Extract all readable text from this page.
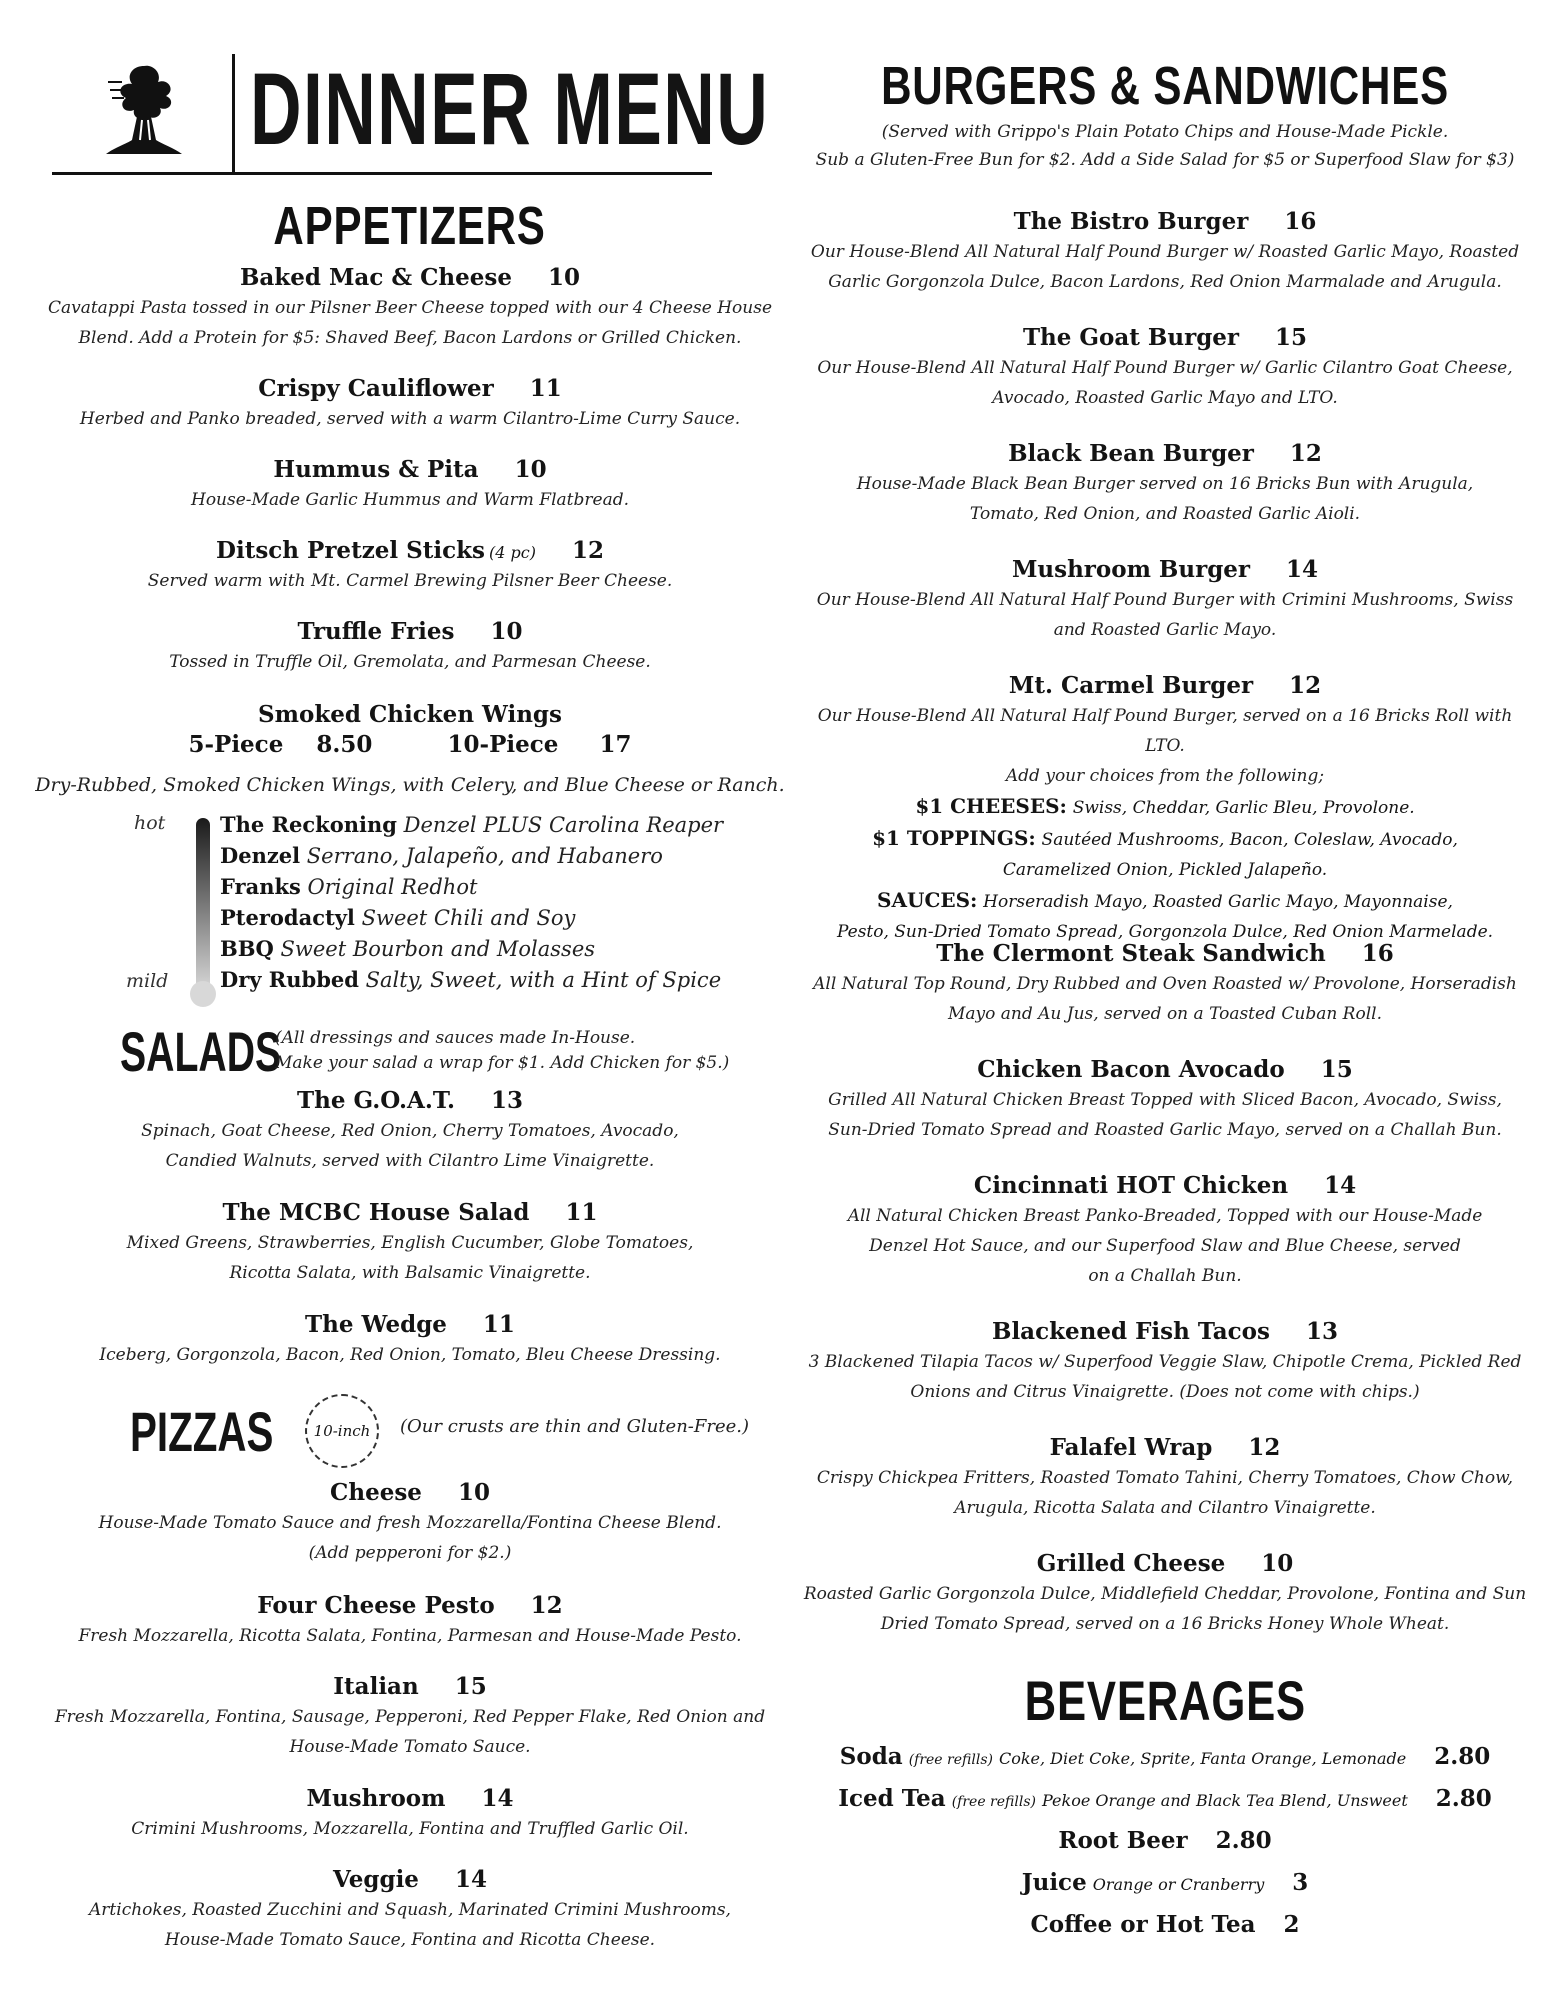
DINNER MENU
APPETIZERS
Baked Mac & Cheese 10
Cavatappi Pasta tossed in our Pilsner Beer Cheese topped with our 4 Cheese House
Blend. Add a Protein for $5: Shaved Beef, Bacon Lardons or Grilled Chicken.
Crispy Cauliflower 11
Herbed and Panko breaded, served with a warm Cilantro-Lime Curry Sauce.
Hummus & Pita 10
House-Made Garlic Hummus and Warm Flatbread.
Ditsch Pretzel Sticks (4 pc) 12
Served warm with Mt. Carmel Brewing Pilsner Beer Cheese.
Truffle Fries 10
Tossed in Truffle Oil, Gremolata, and Parmesan Cheese.
Smoked Chicken Wings
5-Piece 8.50	10-Piece 17
Dry-Rubbed, Smoked Chicken Wings, with Celery, and Blue Cheese or Ranch.
hot
mild
The Reckoning Denzel PLUS Carolina Reaper
Denzel Serrano, Jalapeño, and Habanero
Franks Original Redhot
Pterodactyl Sweet Chili and Soy
BBQ Sweet Bourbon and Molasses
Dry Rubbed Salty, Sweet, with a Hint of Spice
SALADS
(All dressings and sauces made In-House.
Make your salad a wrap for $1. Add Chicken for $5.)
The G.O.A.T. 13
Spinach, Goat Cheese, Red Onion, Cherry Tomatoes, Avocado,
Candied Walnuts, served with Cilantro Lime Vinaigrette.
The MCBC House Salad 11
Mixed Greens, Strawberries, English Cucumber, Globe Tomatoes,
Ricotta Salata, with Balsamic Vinaigrette.
The Wedge 11
Iceberg, Gorgonzola, Bacon, Red Onion, Tomato, Bleu Cheese Dressing.
PIZZAS	10-inch	(Our crusts are thin and Gluten-Free.)
Cheese 10
House-Made Tomato Sauce and fresh Mozzarella/Fontina Cheese Blend.
(Add pepperoni for $2.)
Four Cheese Pesto 12
Fresh Mozzarella, Ricotta Salata, Fontina, Parmesan and House-Made Pesto.
Italian 15
Fresh Mozzarella, Fontina, Sausage, Pepperoni, Red Pepper Flake, Red Onion and
House-Made Tomato Sauce.
Mushroom 14
Crimini Mushrooms, Mozzarella, Fontina and Truffled Garlic Oil.
Veggie 14
Artichokes, Roasted Zucchini and Squash, Marinated Crimini Mushrooms,
House-Made Tomato Sauce, Fontina and Ricotta Cheese.
BURGERS & SANDWICHES
(Served with Grippo's Plain Potato Chips and House-Made Pickle.
Sub a Gluten-Free Bun for $2. Add a Side Salad for $5 or Superfood Slaw for $3)
The Bistro Burger 16
Our House-Blend All Natural Half Pound Burger w/ Roasted Garlic Mayo, Roasted
Garlic Gorgonzola Dulce, Bacon Lardons, Red Onion Marmalade and Arugula.
The Goat Burger 15
Our House-Blend All Natural Half Pound Burger w/ Garlic Cilantro Goat Cheese,
Avocado, Roasted Garlic Mayo and LTO.
Black Bean Burger 12
House-Made Black Bean Burger served on 16 Bricks Bun with Arugula,
Tomato, Red Onion, and Roasted Garlic Aioli.
Mushroom Burger 14
Our House-Blend All Natural Half Pound Burger with Crimini Mushrooms, Swiss
and Roasted Garlic Mayo.
Mt. Carmel Burger 12
Our House-Blend All Natural Half Pound Burger, served on a 16 Bricks Roll with LTO.
Add your choices from the following;
$1 CHEESES: Swiss, Cheddar, Garlic Bleu, Provolone.
$1 TOPPINGS: Sautéed Mushrooms, Bacon, Coleslaw, Avocado,
Caramelized Onion, Pickled Jalapeño.
SAUCES: Horseradish Mayo, Roasted Garlic Mayo, Mayonnaise,
Pesto, Sun-Dried Tomato Spread, Gorgonzola Dulce, Red Onion Marmelade.
The Clermont Steak Sandwich 16
All Natural Top Round, Dry Rubbed and Oven Roasted w/ Provolone, Horseradish
Mayo and Au Jus, served on a Toasted Cuban Roll.
Chicken Bacon Avocado 15
Grilled All Natural Chicken Breast Topped with Sliced Bacon, Avocado, Swiss,
Sun-Dried Tomato Spread and Roasted Garlic Mayo, served on a Challah Bun.
Cincinnati HOT Chicken 14
All Natural Chicken Breast Panko-Breaded, Topped with our House-Made
Denzel Hot Sauce, and our Superfood Slaw and Blue Cheese, served
on a Challah Bun.
Blackened Fish Tacos 13
3 Blackened Tilapia Tacos w/ Superfood Veggie Slaw, Chipotle Crema, Pickled Red
Onions and Citrus Vinaigrette. (Does not come with chips.)
Falafel Wrap 12
Crispy Chickpea Fritters, Roasted Tomato Tahini, Cherry Tomatoes, Chow Chow,
Arugula, Ricotta Salata and Cilantro Vinaigrette.
Grilled Cheese 10
Roasted Garlic Gorgonzola Dulce, Middlefield Cheddar, Provolone, Fontina and Sun
Dried Tomato Spread, served on a 16 Bricks Honey Whole Wheat.
BEVERAGES
Soda (free refills) Coke, Diet Coke, Sprite, Fanta Orange, Lemonade 2.80
Iced Tea (free refills) Pekoe Orange and Black Tea Blend, Unsweet 2.80
Root Beer 2.80
Juice Orange or Cranberry 3
Coffee or Hot Tea 2
